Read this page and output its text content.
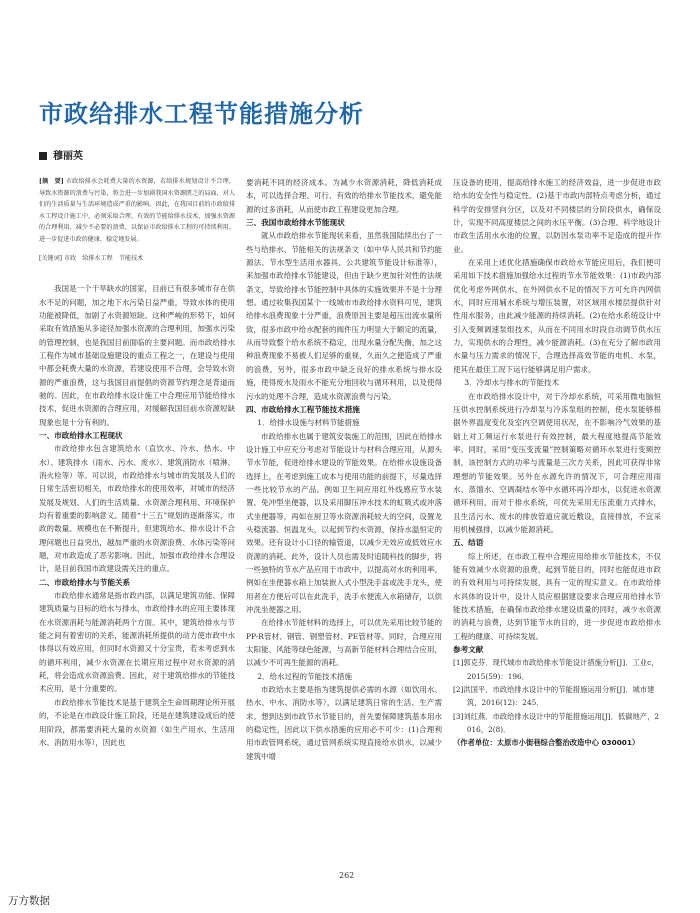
市政给排水工程节能措施分析
穆丽英
[摘　要] 市政给排水会耗费大量的水资源，若给排水规划设计不合理，导致水资源的浪费与污染，将会进一步加剧我国水资源匮乏的局面，对人们的生活质量与生活环境造成严重的影响。因此，在我国目前的市政给排水工程设计施工中，必须采取合理、有效的节能给排水技术，加强水资源的合理利用，减少不必要的浪费，以保证市政给排水工程的可持续利用，进一步促进市政的健康、稳定地发展。
[关键词] 市政　给排水工程　节能技术

我国是一个干旱缺水的国家，目前已有很多城市存在供水不足的问题，加之地下水污染日益严重，导致水体的使用功能被降低，加剧了水资源短缺。这种严峻的形势下，如何采取有效措施从多途径加强水资源的合理利用，加强水污染的管理控制，也是我国目前面临的主要问题。而市政给排水工程作为城市基础设施建设的重点工程之一，在建设与使用中都会耗费大量的水资源，若建设使用不合理，会导致水资源的严重浪费，这与我国目前提倡的资源节约理念是背道而驰的。因此，在市政给排水设计施工中合理应用节能给排水技术，促进水资源的合理应用，对缓解我国目前水资源短缺现象也是十分有利的。

一、市政给排水工程现状

市政给排水包含建筑给水（直饮水、冷水、热水、中水）、建筑排水（雨水、污水、废水）、建筑消防水（喷淋、消火栓等）等。可以说，市政给排水与城市的发展及人们的日常生活密切相关，市政给排水的使用效率，对城市的经济发展及规划、人们的生活质量、水资源合理利用、环境保护均有着重要的影响意义。随着“十三五”规划的逐渐落实，市政的数量、规模也在不断提升，但建筑给水、排水设计不合理问题也日益突出，越加严重的水资源浪费、水体污染等问题，对市政造成了恶劣影响。因此，加强市政给排水合理设计，是目前我国市政建设需关注的重点。

二、市政给排水与节能关系

市政给排水通常是指市政内部，以满足建筑功能、保障建筑质量与目标的给水与排水，市政给排水的应用主要体现在水资源消耗与能源消耗两个方面。其中，建筑给排水与节能之间有着密切的关系，能源消耗所提供的动力使市政中水体得以有效应用，但同时水资源又十分宝贵，若未考虑到水的循环利用，减少水资源在长期应用过程中对水资源的消耗，将会造成水资源浪费。因此，对于建筑给排水的节能技术应用，是十分重要的。

市政给排水节能技术是基于建筑全生命周期理论所开展的，不论是在市政设计施工阶段，还是在建筑建设成后的使用阶段，都需要消耗大量的水资源（如生产用水、生活用水、消防用水等），因此也

要消耗不同的经济成本。为减少水资源消耗，降低消耗成本，可以选择合理、可行、有效的给排水节能技术，避免能源的过多消耗，从而使市政工程建设更加合理。

三、我国市政给排水节能现状

就从市政给排水节能现状来看，虽然我国陆续出台了一些与给排水、节能相关的法规条文（如中华人民共和节约能源法、节水型生活用水器具、公共建筑节能设计标准等），来加强市政给排水节能建设，但由于缺少更加针对性的法规条文，导致给排水节能控制中具体的实施效果并不是十分理想。通过收集我国某个一线城市市政给排水资料可见，建筑给排水浪费现象十分严重，浪费原因主要是超压出流水量所致，很多市政中给水配套的阀件压力明显大于额定的流量，从而导致整个给水系统不稳定，出现水量分配失衡，加之这种浪费现象不易被人们足够的重视，久而久之便造成了严重的浪费。另外，很多市政中缺乏良好的排水系统与排水设施，使得废水及雨水不能充分地回收与循环利用，以及使得污水的处理不合理，造成水资源浪费与污染。

四、市政给排水工程节能技术措施
1．给排水设施与材料节能措施

市政给排水也属于建筑安装施工的范围，因此在给排水设计施工中应充分考虑对节能设计与材料合理应用，从源头节水节能，促进给排水建设的节能效果。在给排水设施设备选择上，在考虑到施工成本与使用功能的前提下，尽量选择一些比较节水的产品。例如卫生间应用红外线感应节水装置、免冲型坐便器，以及采用脚压冲水技术的虹吸式或冲落式坐便器等，再如在厨卫等水资源消耗较大的空间，设置龙头稳流器、恒温龙头，以起到节约水资源，保持水温恒定的效果。还有设计小口径的输管道，以减少无效应或低效应水资源的消耗。此外，设计人员也需及时追随科技的脚步，将一些独特的节水产品应用于市政中，以提高对水的利用率。例如在坐便器水箱上加装嵌入式小型洗手盆或洗手龙头，使用者在方便后可以在此洗手，洗手水便流入水箱储存，以供冲洗坐便器之用。

在给排水节能材料的选择上，可以优先采用比较节能的PP-R管材、钢管、钢塑管材、PE管材等。同时，合理应用太阳能、风能等绿色能源，与高新节能材料合理结合应用，以减少不可再生能源的消耗。

2．给水过程的节能技术措施

市政给水主要是指为建筑提供必需的水源（如饮用水、热水、中水、消防水等），以满足建筑日常的生活、生产需求。想到达到市政节水节能目的，首先要保障建筑基本用水的稳定性，因此以下供水措施的应用必不可少：(1)合理利用市政管网系统，通过管网系统实现直接给水供水，以减少建筑中增

压设备的使用，提高给排水施工的经济效益，进一步促进市政给水的安全性与稳定性。(2)基于市政内部特点考虑分析，通过科学的安排竖向分区，以及对不同楼层的分阶段供水，确保设计，实现不同高度楼层之间的水压平衡。(3)合理、科学地设计市政生活用水水池的位置，以防因水泵功率不足造成的提升作业。

在采用上述优化措施确保市政给水节能应用后，我们便可采用如下技术措施加强给水过程的节水节能效果：(1)市政内部优化考虑外网供水，在外网供水不足的情况下方可允许内网供水，同时应用辅水系统与增压装置，对区域用水楼层提供针对性用水服务，由此减少能源的持续消耗。(2)在给水系统设计中引入变频调速泵组技术，从而在不同用水时段自动调节供水压力，实现供水的合理性，减少能源消耗。(3)在充分了解市政用水量与压力需求的情况下，合理选择高效节能的电机、水泵，使其在最佳工况下运行能够满足用户需求。

3．冷却水与排水的节能技术

在市政给排水设计中，对于冷却水系统，可采用微电脑恒压供水控制系统进行冷却泵与冷冻泵组的控制，使水泵能够根据外界温度变化及室内空调使用状况，在不影响冷气效果的基础上对工频运行水泵进行有效控制，最大程度地提高节能效率。同时，采用“变压变流量”控制策略对循环水泵进行变频控制，该控制方式的功率与流量是三次方关系，因此可获得非常理想的节能效果。另外在水源允许的情况下，可合理应用雨水、蒸馏水、空调凝结水等中水循环再冷却水，以促进水资源循环利用，而对于排水系统，可优先采用无压流重力式排水，且生活污水、废水的排放管道应就近敷设，直接排放，不宜采用机械强排，以减少能源消耗。

五、结语

综上所述，在市政工程中合理应用给排水节能技术，不仅能有效减少水资源的浪费，起到节能目的，同时也能促进市政的有效利用与可持续发展，具有一定的现实意义。在市政给排水具体的设计中，设计人员应根据建设要求合理应用给排水节能技术措施，在确保市政给排水建设质量的同时，减少水资源的消耗与浪费，达到节能节水的目的，进一步促进市政给排水工程的健康、可持续发展。

参考文献
[1]郭克芬．现代城市市政给排水节能设计措施分析[J]．工业c，2015(59)：196．
[2]洪国平．市政给排水设计中的节能措施运用分析[J]．城市建筑，2016(12)：245．
[3]刘红燕．市政给排水设计中的节能措施运用[J]．低碳地产，2016，2(8)．
（作者单位：太原市小街巷综合整治改造中心 030001）
262
万方数据
